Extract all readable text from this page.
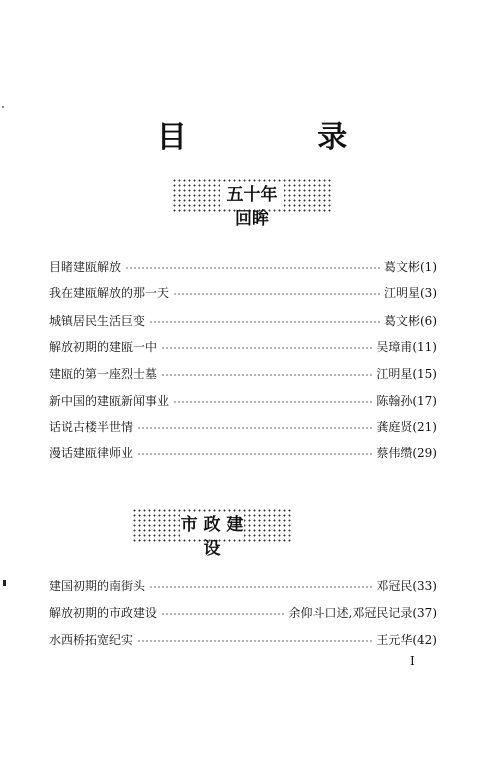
目 录
五十年回眸
目睹建瓯解放	葛文彬(1)
我在建瓯解放的那一天	江明星(3)
城镇居民生活巨变	葛文彬(6)
解放初期的建瓯一中	吴璋甫(11)
建瓯的第一座烈士墓	江明星(15)
新中国的建瓯新闻事业	陈翰孙(17)
话说古楼半世情	龚庭贤(21)
漫话建瓯律师业	蔡伟缵(29)
市 政 建 设
建国初期的南街头	邓冠民(33)
解放初期的市政建设	余仰斗口述,邓冠民记录(37)
水西桥拓宽纪实	王元华(42)
I
